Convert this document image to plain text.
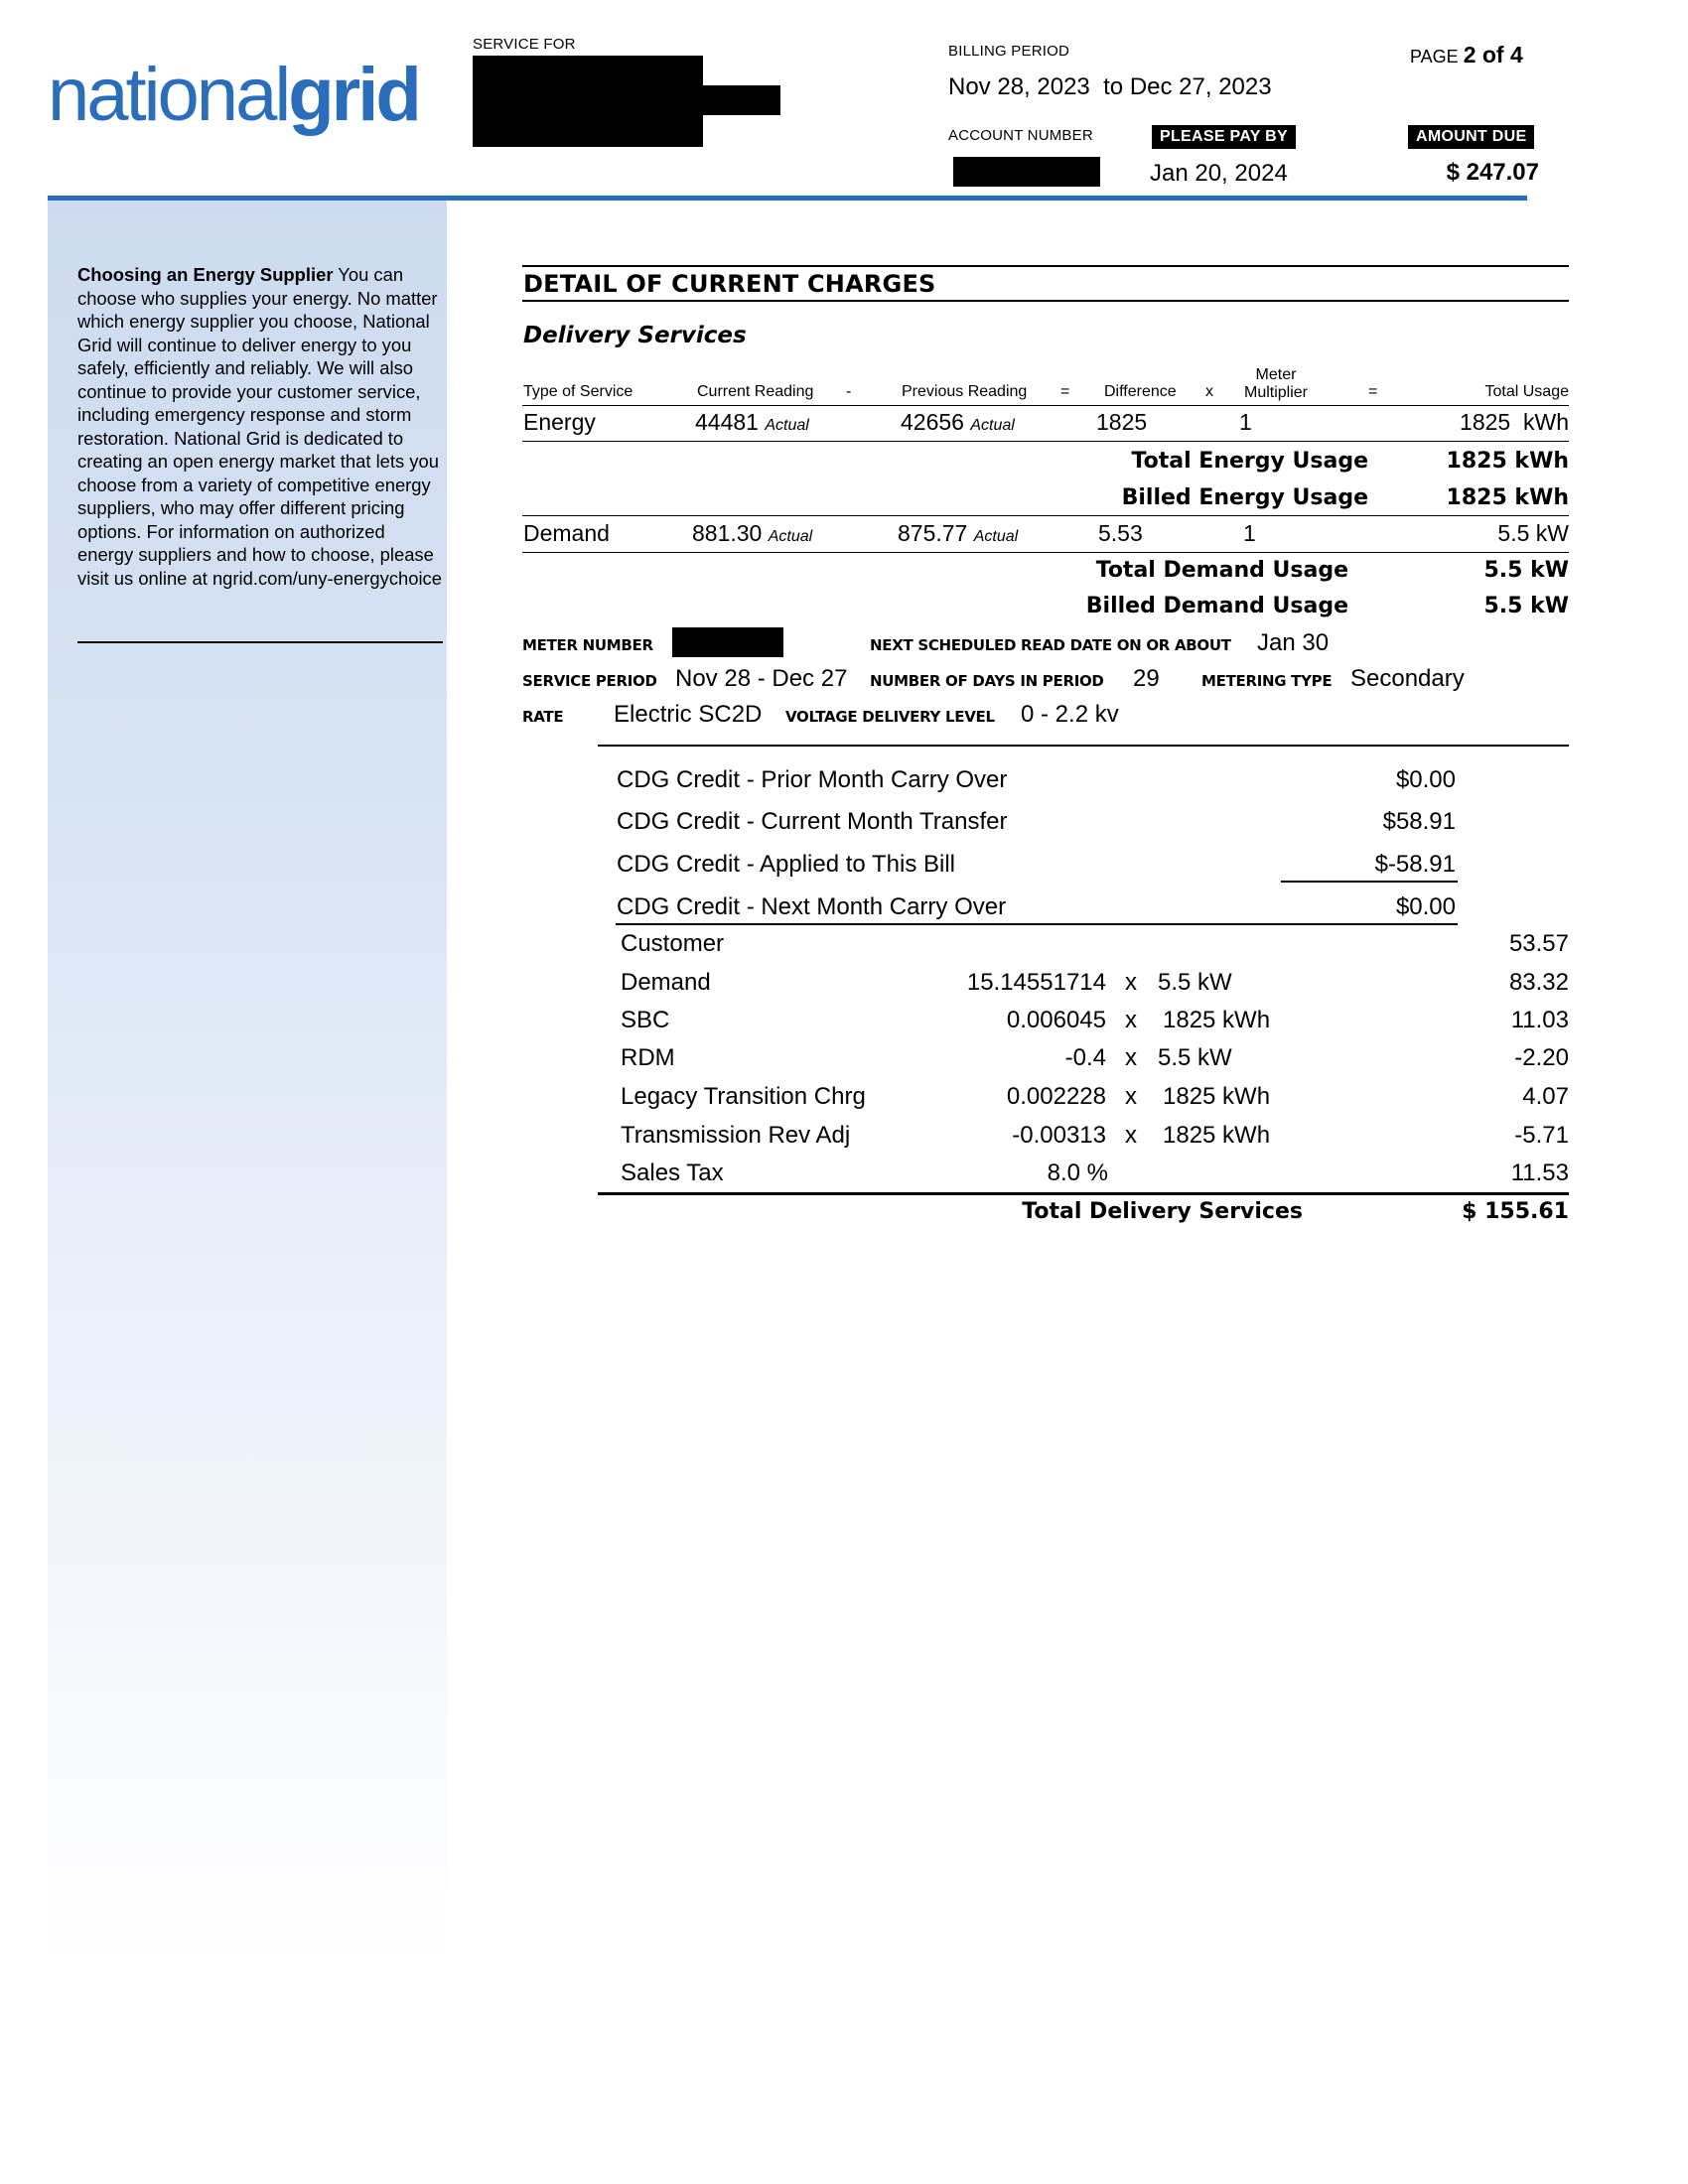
nationalgrid
SERVICE FOR	BILLING PERIOD
Nov 28, 2023 to Dec 27, 2023
PAGE 2 of 4
ACCOUNT NUMBER	PLEASE PAY BY
Jan 20, 2024
AMOUNT DUE
$ 247.07
Choosing an Energy Supplier You can choose who supplies your energy. No matter which energy supplier you choose, National Grid will continue to deliver energy to you safely, efficiently and reliably. We will also continue to provide your customer service, including emergency response and storm restoration. National Grid is dedicated to creating an open energy market that lets you choose from a variety of competitive energy suppliers, who may offer different pricing options. For information on authorized energy suppliers and how to choose, please visit us online at ngrid.com/uny-energychoice
DETAIL OF CURRENT CHARGES
Delivery Services
Type of Service	Current Reading -	Previous Reading = Difference x
Meter
Multiplier	=	Total Usage
Energy	44481 Actual	42656 Actual	1825	1	1825  kWh
Total Energy Usage	1825 kWh
Billed Energy Usage	1825 kWh
Demand	881.30 Actual	875.77 Actual	5.53	1	5.5 kW
Total Demand Usage	5.5 kW
Billed Demand Usage	5.5 kW
METER NUMBER	NEXT SCHEDULED READ DATE ON OR ABOUT Jan 30
SERVICE PERIOD Nov 28 - Dec 27 NUMBER OF DAYS IN PERIOD 29	METERING TYPE Secondary
RATE Electric SC2D VOLTAGE DELIVERY LEVEL 0 - 2.2 kv
CDG Credit - Prior Month Carry Over	$0.00
CDG Credit - Current Month Transfer	$58.91
CDG Credit - Applied to This Bill	$-58.91
CDG Credit - Next Month Carry Over	$0.00
Customer	53.57
Demand	15.14551714 x 5.5 kW	83.32
SBC	0.006045 x 1825 kWh	11.03
RDM	-0.4 x 5.5 kW	-2.20
Legacy Transition Chrg	0.002228 x 1825 kWh	4.07
Transmission Rev Adj	-0.00313 x 1825 kWh	-5.71
Sales Tax	8.0 %	11.53
Total Delivery Services	$ 155.61
